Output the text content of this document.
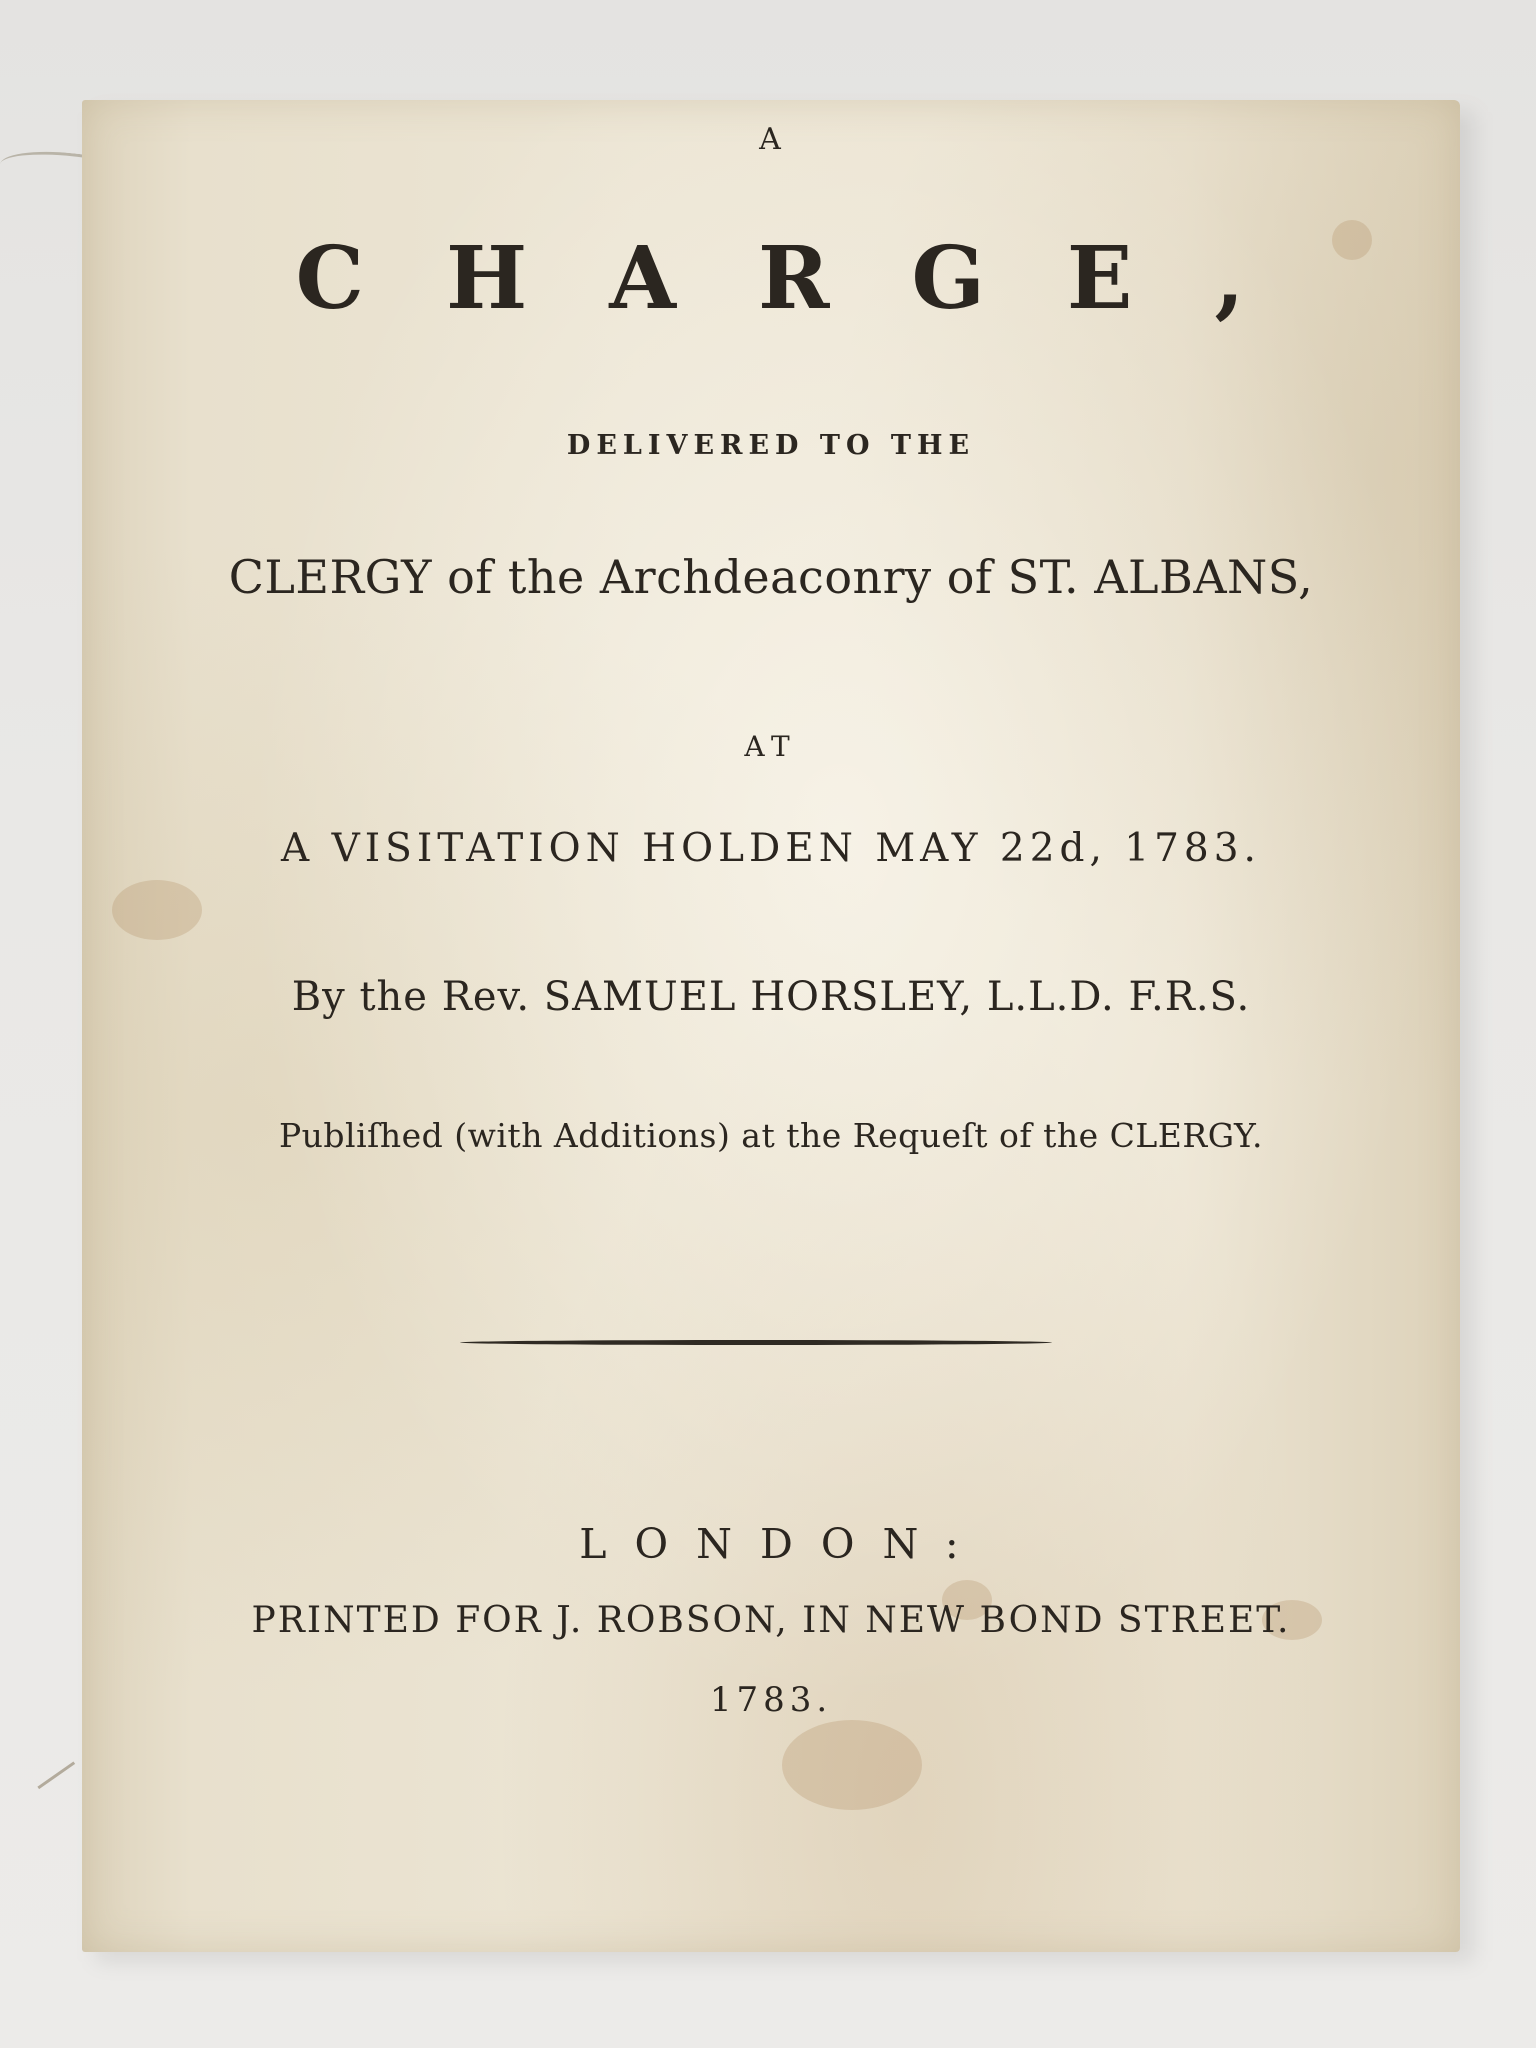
A
CHARGE,
DELIVERED TO THE
CLERGY of the Archdeaconry of ST. ALBANS,
AT
A VISITATION HOLDEN MAY 22d, 1783.
By the Rev. SAMUEL HORSLEY, L.L.D. F.R.S.
Publiſhed (with Additions) at the Requeſt of the CLERGY.
LONDON:
PRINTED FOR J. ROBSON, IN NEW BOND STREET.
1783.
